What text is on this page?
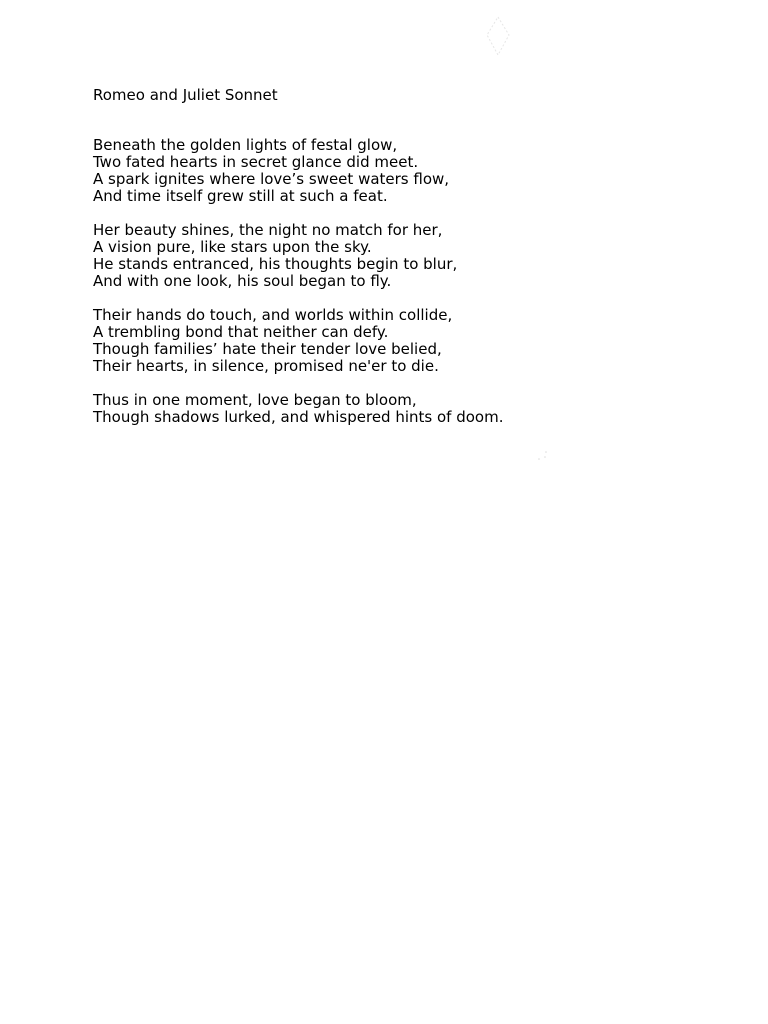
Romeo and Juliet Sonnet

Beneath the golden lights of festal glow,
Two fated hearts in secret glance did meet.
A spark ignites where love’s sweet waters flow,
And time itself grew still at such a feat.

Her beauty shines, the night no match for her,
A vision pure, like stars upon the sky.
He stands entranced, his thoughts begin to blur,
And with one look, his soul began to fly.

Their hands do touch, and worlds within collide,
A trembling bond that neither can defy.
Though families’ hate their tender love belied,
Their hearts, in silence, promised ne'er to die.

Thus in one moment, love began to bloom,
Though shadows lurked, and whispered hints of doom.
